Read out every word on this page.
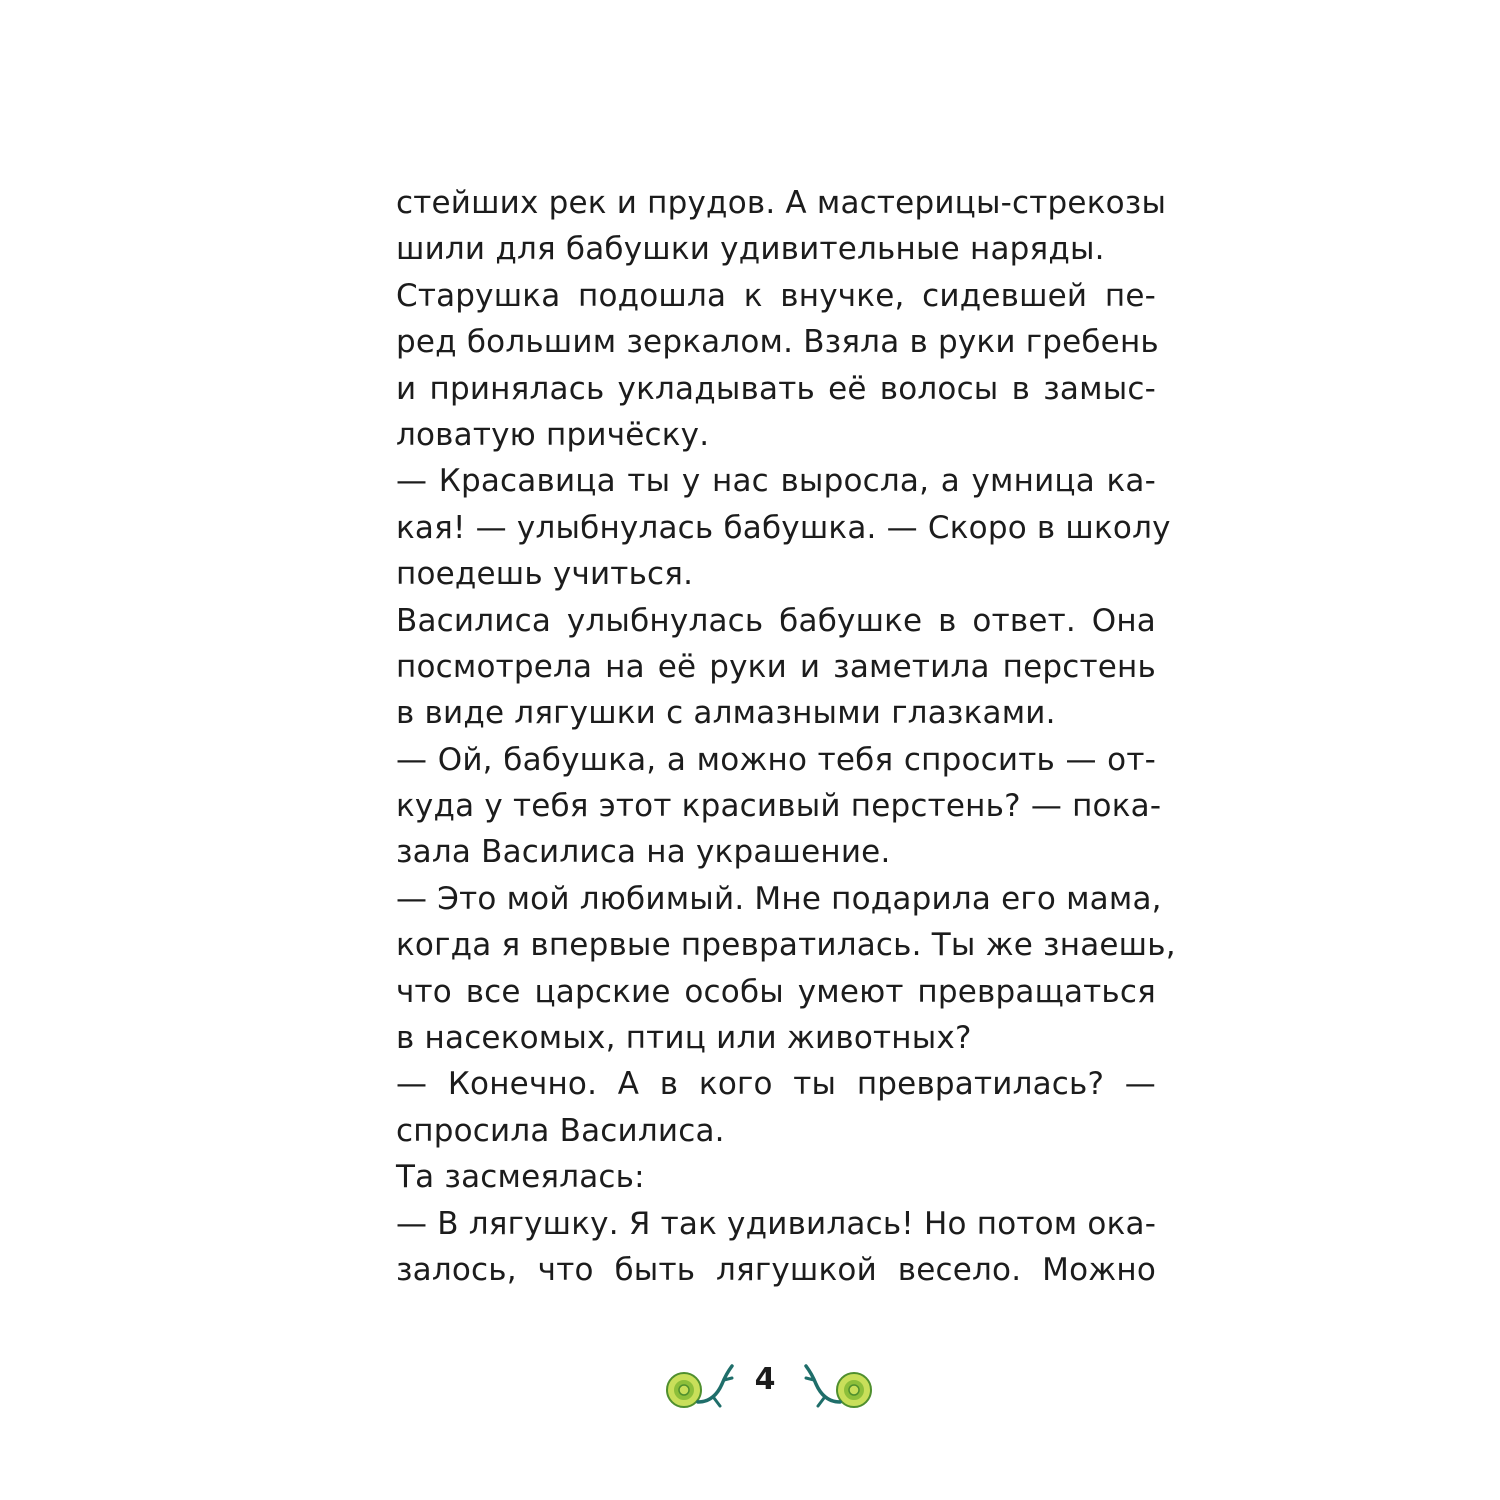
стейших рек и прудов. А мастерицы-стрекозы
шили для бабушки удивительные наряды.
Старушка подошла к внучке, сидевшей пе-
ред большим зеркалом. Взяла в руки гребень
и принялась укладывать её волосы в замыс-
ловатую причёску.
— Красавица ты у нас выросла, а умница ка-
кая! — улыбнулась бабушка. — Скоро в школу
поедешь учиться.
Василиса улыбнулась бабушке в ответ. Она
посмотрела на её руки и заметила перстень
в виде лягушки с алмазными глазками.
— Ой, бабушка, а можно тебя спросить — от-
куда у тебя этот красивый перстень? — пока-
зала Василиса на украшение.
— Это мой любимый. Мне подарила его мама,
когда я впервые превратилась. Ты же знаешь,
что все царские особы умеют превращаться
в насекомых, птиц или животных?
— Конечно. А в кого ты превратилась? —
спросила Василиса.
Та засмеялась:
— В лягушку. Я так удивилась! Но потом ока-
залось, что быть лягушкой весело. Можно
4
